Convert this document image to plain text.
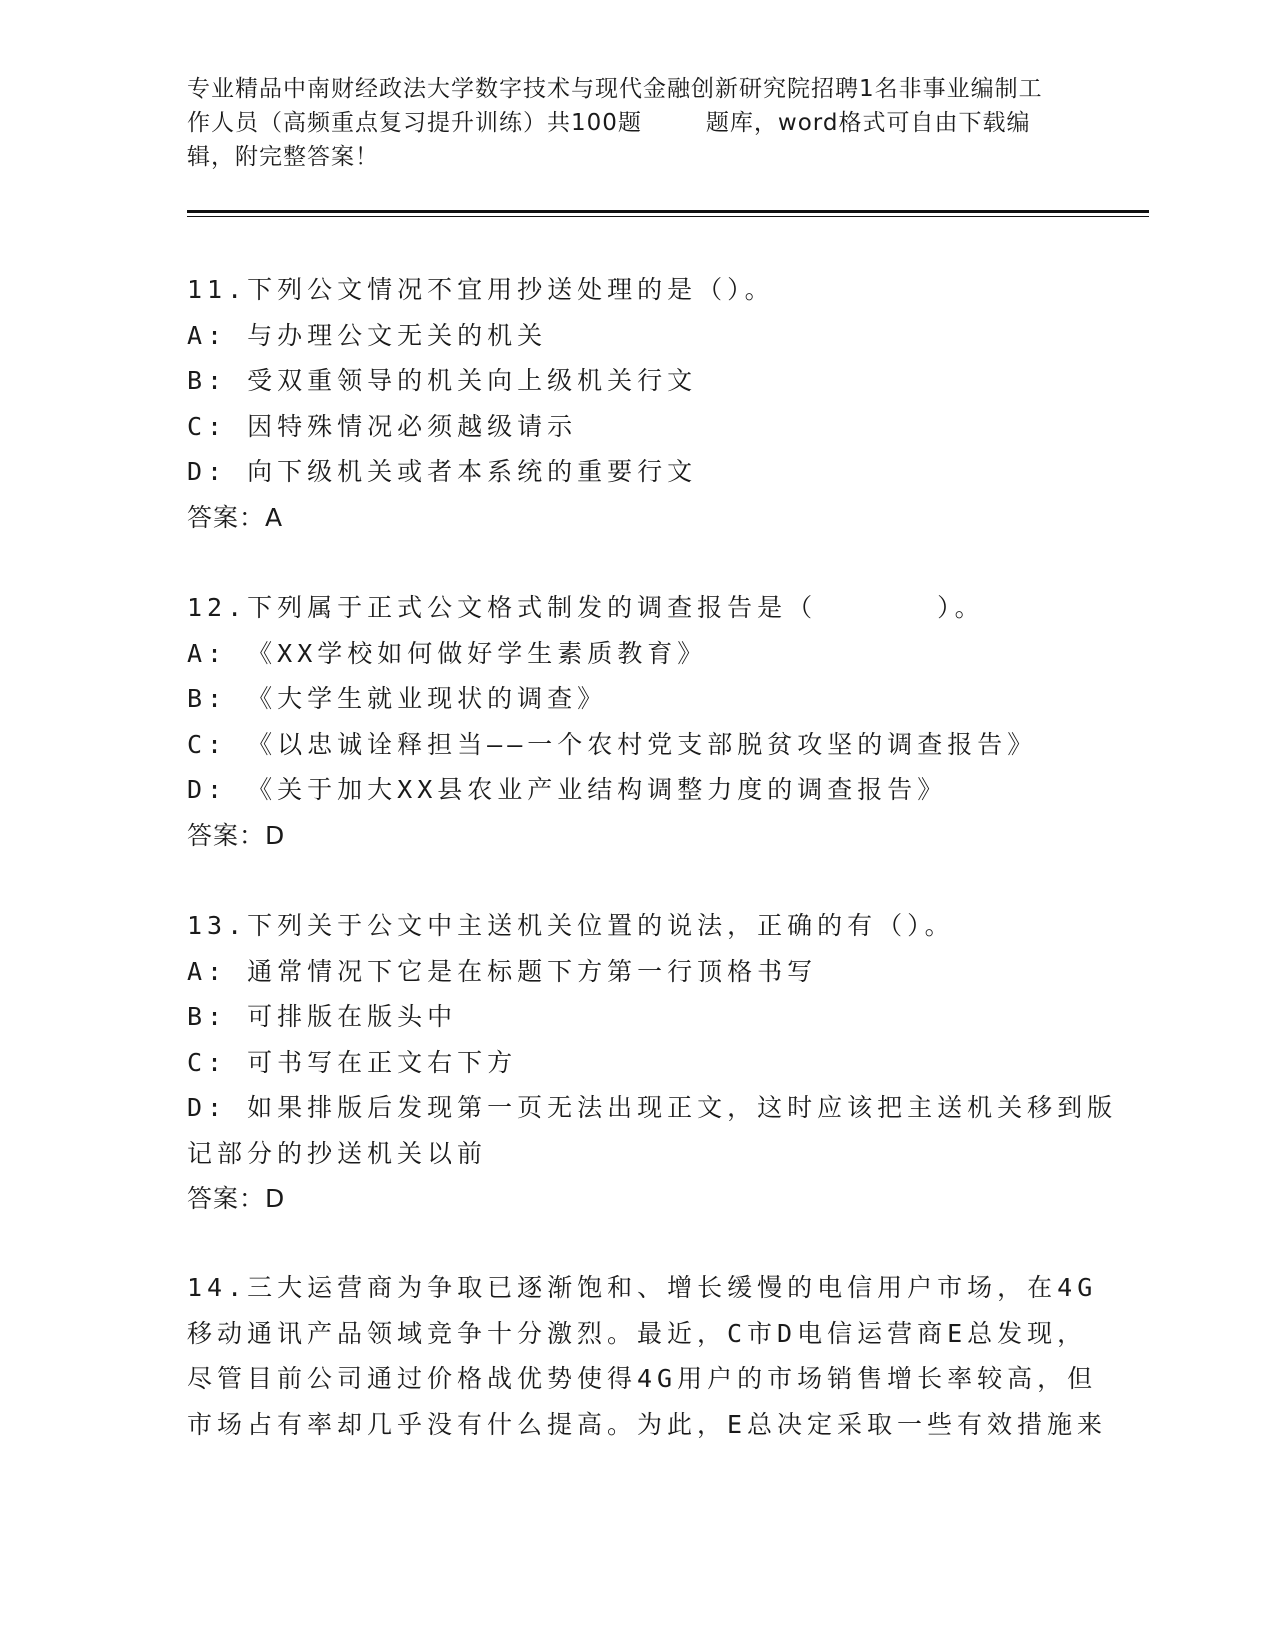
专业精品中南财经政法大学数字技术与现代金融创新研究院招聘1名非事业编制工
作人员（高频重点复习提升训练）共100题	题库，word格式可自由下载编
辑，附完整答案！
11.下列公文情况不宜用抄送处理的是（）。
A: 与办理公文无关的机关
B: 受双重领导的机关向上级机关行文
C: 因特殊情况必须越级请示
D: 向下级机关或者本系统的重要行文
答案：A
12.下列属于正式公文格式制发的调查报告是（　　　　）。
A: 《XX学校如何做好学生素质教育》
B: 《大学生就业现状的调查》
C: 《以忠诚诠释担当——一个农村党支部脱贫攻坚的调查报告》
D: 《关于加大XX县农业产业结构调整力度的调查报告》
答案：D
13.下列关于公文中主送机关位置的说法，正确的有（）。
A: 通常情况下它是在标题下方第一行顶格书写
B: 可排版在版头中
C: 可书写在正文右下方
D: 如果排版后发现第一页无法出现正文，这时应该把主送机关移到版
记部分的抄送机关以前
答案：D
14.三大运营商为争取已逐渐饱和、增长缓慢的电信用户市场，在4G
移动通讯产品领域竞争十分激烈。最近，C市D电信运营商E总发现，
尽管目前公司通过价格战优势使得4G用户的市场销售增长率较高，但
市场占有率却几乎没有什么提高。为此，E总决定采取一些有效措施来
